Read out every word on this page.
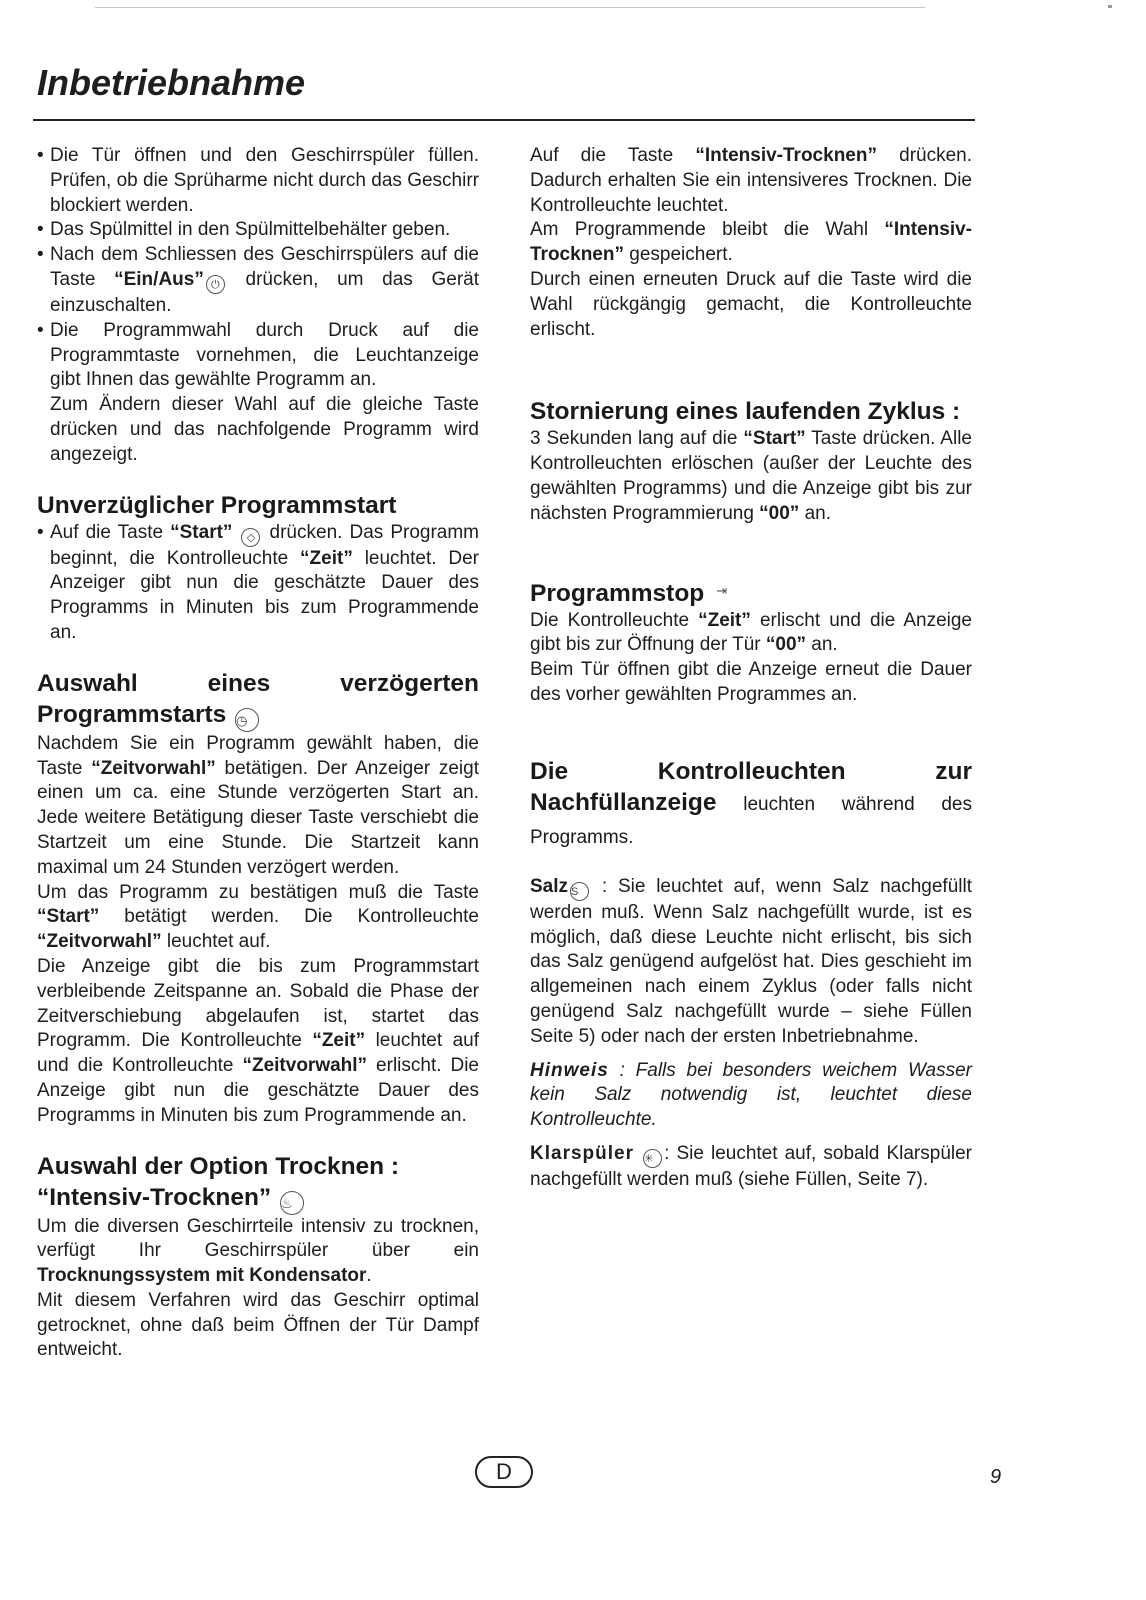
Inbetriebnahme
• Die Tür öffnen und den Geschirrspüler füllen. Prüfen, ob die Sprüharme nicht durch das Geschirr blockiert werden.
• Das Spülmittel in den Spülmittelbehälter geben.
• Nach dem Schliessen des Geschirrspülers auf die Taste “Ein/Aus” ⏻ drücken, um das Gerät einzuschalten.
• Die Programmwahl durch Druck auf die Programmtaste vornehmen, die Leuchtanzeige gibt Ihnen das gewählte Programm an.

Zum Ändern dieser Wahl auf die gleiche Taste drücken und das nachfolgende Programm wird angezeigt.

Unverzüglicher Programmstart
• Auf die Taste “Start” ◇ drücken. Das Programm beginnt, die Kontrolleuchte “Zeit” leuchtet. Der Anzeiger gibt nun die geschätzte Dauer des Programms in Minuten bis zum Programmende an.
Auswahl eines verzögerten Programmstarts ◷

Nachdem Sie ein Programm gewählt haben, die Taste “Zeitvorwahl” betätigen. Der Anzeiger zeigt einen um ca. eine Stunde verzögerten Start an. Jede weitere Betätigung dieser Taste verschiebt die Startzeit um eine Stunde. Die Startzeit kann maximal um 24 Stunden verzögert werden.

Um das Programm zu bestätigen muß die Taste “Start” betätigt werden. Die Kontrolleuchte “Zeitvorwahl” leuchtet auf.

Die Anzeige gibt die bis zum Programmstart verbleibende Zeitspanne an. Sobald die Phase der Zeitverschiebung abgelaufen ist, startet das Programm. Die Kontrolleuchte “Zeit” leuchtet auf und die Kontrolleuchte “Zeitvorwahl” erlischt. Die Anzeige gibt nun die geschätzte Dauer des Programms in Minuten bis zum Programmende an.

Auswahl der Option Trocknen :
“Intensiv-Trocknen” ♨

Um die diversen Geschirrteile intensiv zu trocknen, verfügt Ihr Geschirrspüler über ein Trocknungssystem mit Kondensator.

Mit diesem Verfahren wird das Geschirr optimal getrocknet, ohne daß beim Öffnen der Tür Dampf entweicht.

Auf die Taste “Intensiv-Trocknen” drücken. Dadurch erhalten Sie ein intensiveres Trocknen. Die Kontrolleuchte leuchtet.

Am Programmende bleibt die Wahl “Intensiv-Trocknen” gespeichert.

Durch einen erneuten Druck auf die Taste wird die Wahl rückgängig gemacht, die Kontrolleuchte erlischt.

Stornierung eines laufenden Zyklus :

3 Sekunden lang auf die “Start” Taste drücken. Alle Kontrolleuchten erlöschen (außer der Leuchte des gewählten Programms) und die Anzeige gibt bis zur nächsten Programmierung “00” an.

Programmstop ⇥

Die Kontrolleuchte “Zeit” erlischt und die Anzeige gibt bis zur Öffnung der Tür “00” an.

Beim Tür öffnen gibt die Anzeige erneut die Dauer des vorher gewählten Programmes an.

Die Kontrolleuchten zur Nachfüllanzeige leuchten während des Programms.

Salz S : Sie leuchtet auf, wenn Salz nachgefüllt werden muß. Wenn Salz nachgefüllt wurde, ist es möglich, daß diese Leuchte nicht erlischt, bis sich das Salz genügend aufgelöst hat. Dies geschieht im allgemeinen nach einem Zyklus (oder falls nicht genügend Salz nachgefüllt wurde – siehe Füllen Seite 5) oder nach der ersten Inbetriebnahme.

Hinweis : Falls bei besonders weichem Wasser kein Salz notwendig ist, leuchtet diese Kontrolleuchte.

Klarspüler ✳ : Sie leuchtet auf, sobald Klarspüler nachgefüllt werden muß (siehe Füllen, Seite 7).

D	9
